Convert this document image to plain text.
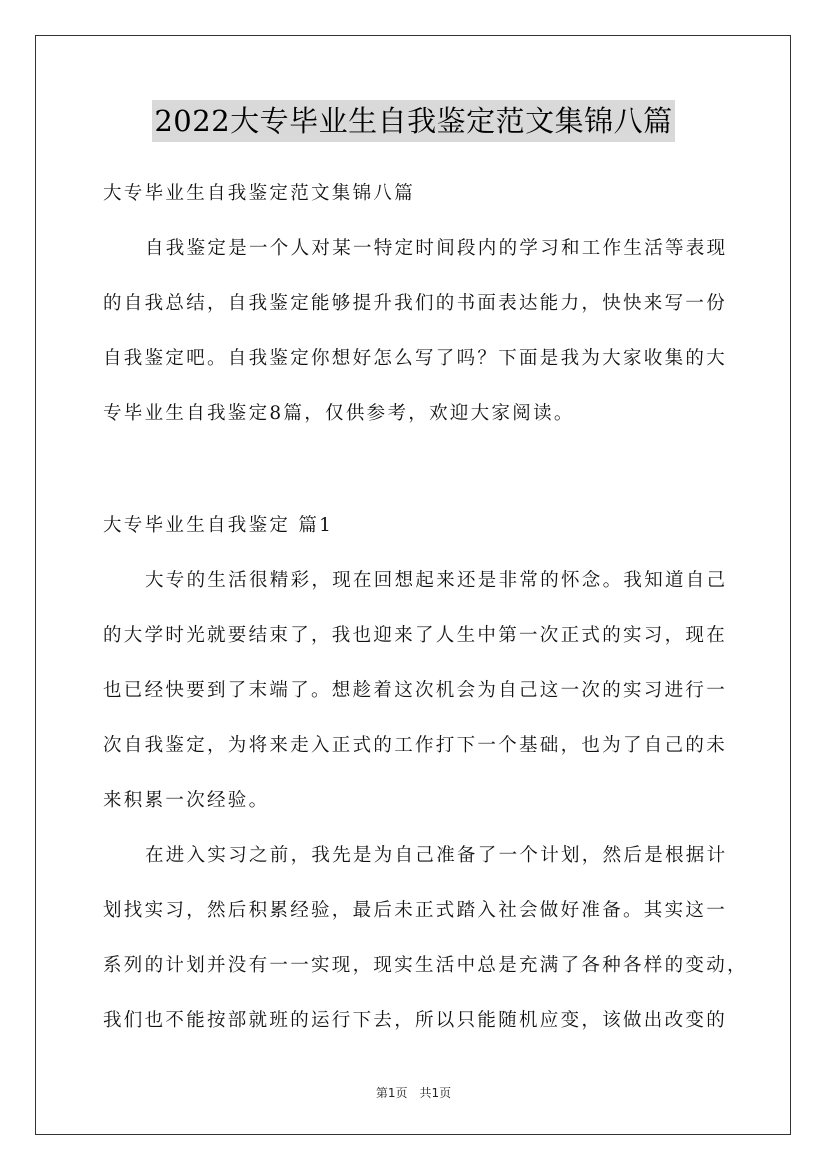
2022大专毕业生自我鉴定范文集锦八篇
大专毕业生自我鉴定范文集锦八篇
自我鉴定是一个人对某一特定时间段内的学习和工作生活等表现
的自我总结，自我鉴定能够提升我们的书面表达能力，快快来写一份
自我鉴定吧。自我鉴定你想好怎么写了吗？下面是我为大家收集的大
专毕业生自我鉴定8篇，仅供参考，欢迎大家阅读。
大专毕业生自我鉴定 篇1
大专的生活很精彩，现在回想起来还是非常的怀念。我知道自己
的大学时光就要结束了，我也迎来了人生中第一次正式的实习，现在
也已经快要到了末端了。想趁着这次机会为自己这一次的实习进行一
次自我鉴定，为将来走入正式的工作打下一个基础，也为了自己的未
来积累一次经验。
在进入实习之前，我先是为自己准备了一个计划，然后是根据计
划找实习，然后积累经验，最后未正式踏入社会做好准备。其实这一
系列的计划并没有一一实现，现实生活中总是充满了各种各样的变动，
我们也不能按部就班的运行下去，所以只能随机应变，该做出改变的
第1页　共1页
